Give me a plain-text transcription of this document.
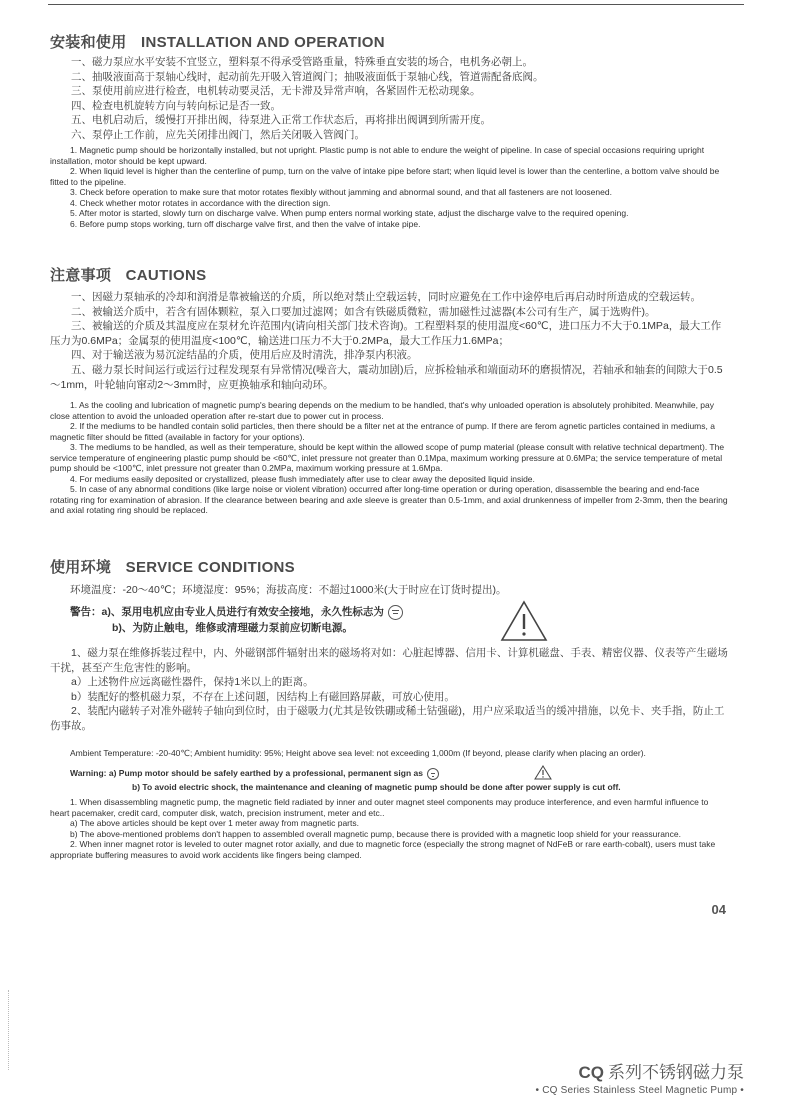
安装和使用 INSTALLATION AND OPERATION

一、磁力泵应水平安装不宜竖立，塑料泵不得承受管路重量，特殊垂直安装的场合，电机务必朝上。

二、抽吸液面高于泵轴心线时，起动前先开吸入管道阀门；抽吸液面低于泵轴心线，管道需配备底阀。

三、泵使用前应进行检查，电机转动要灵活，无卡滞及异常声响，各紧固件无松动现象。

四、检查电机旋转方向与转向标记是否一致。

五、电机启动后，缓慢打开排出阀，待泵进入正常工作状态后，再将排出阀调到所需开度。

六、泵停止工作前，应先关闭排出阀门，然后关闭吸入管阀门。

1. Magnetic pump should be horizontally installed, but not upright. Plastic pump is not able to endure the weight of pipeline. In case of special occasions requiring upright installation, motor should be kept upward.

2. When liquid level is higher than the centerline of pump, turn on the valve of intake pipe before start; when liquid level is lower than the centerline, a bottom valve should be fitted to the pipeline.

3. Check before operation to make sure that motor rotates flexibly without jamming and abnormal sound, and that all fasteners are not loosened.

4. Check whether motor rotates in accordance with the direction sign.

5. After motor is started, slowly turn on discharge valve. When pump enters normal working state, adjust the discharge valve to the required opening.

6. Before pump stops working, turn off discharge valve first, and then the valve of intake pipe.

注意事项 CAUTIONS

一、因磁力泵轴承的冷却和润滑是靠被输送的介质，所以绝对禁止空载运转，同时应避免在工作中途停电后再启动时所造成的空载运转。

二、被输送介质中，若含有固体颗粒，泵入口要加过滤网；如含有铁磁质微粒，需加磁性过滤器(本公司有生产，属于选购件)。

三、被输送的介质及其温度应在泵材允许范围内(请向相关部门技术咨询)。工程塑料泵的使用温度<60℃，进口压力不大于0.1MPa，最大工作压力为0.6MPa；金属泵的使用温度<100℃，输送进口压力不大于0.2MPa，最大工作压力1.6MPa；

四、对于输送液为易沉淀结晶的介质，使用后应及时清洗，排净泵内积液。

五、磁力泵长时间运行或运行过程发现泵有异常情况(噪音大，震动加剧)后，应拆检轴承和端面动环的磨损情况，若轴承和轴套的间隙大于0.5～1mm，叶轮轴向窜动2～3mm时，应更换轴承和轴向动环。

1. As the cooling and lubrication of magnetic pump's bearing depends on the medium to be handled, that's why unloaded operation is absolutely prohibited. Meanwhile, pay close attention to avoid the unloaded operation after re-start due to power cut in process.

2. If the mediums to be handled contain solid particles, then there should be a filter net at the entrance of pump. If there are ferom agnetic particles contained in mediums, a magnetic filter should be fitted (available in factory for your options).

3. The mediums to be handled, as well as their temperature, should be kept within the allowed scope of pump material (please consult with relative technical department). The service temperature of engineering plastic pump should be <60℃, inlet pressure not greater than 0.1Mpa, maximum working pressure at 0.6MPa; the service temperature of metal pump should be <100℃, inlet pressure not greater than 0.2MPa, maximum working pressure at 1.6Mpa.

4. For mediums easily deposited or crystallized, please flush immediately after use to clear away the deposited liquid inside.

5. In case of any abnormal conditions (like large noise or violent vibration) occurred after long-time operation or during operation, disassemble the bearing and end-face rotating ring for examination of abrasion. If the clearance between bearing and axle sleeve is greater than 0.5-1mm, and axial drunkenness of impeller from 2-3mm, then the bearing and axial rotating ring should be replaced.

使用环境 SERVICE CONDITIONS
环境温度：-20～40℃；环境湿度：95%；海拔高度：不超过1000米(大于时应在订货时提出)。
警告：a)、泵用电机应由专业人员进行有效安全接地，永久性标志为
b)、为防止触电，维修或清理磁力泵前应切断电源。

1、磁力泵在维修拆装过程中，内、外磁钢部件辐射出来的磁场将对如：心脏起博器、信用卡、计算机磁盘、手表、精密仪器、仪表等产生磁场干扰，甚至产生危害性的影响。

a）上述物件应远离磁性器件，保持1米以上的距离。

b）装配好的整机磁力泵，不存在上述问题，因结构上有磁回路屏蔽，可放心使用。

2、装配内磁转子对准外磁转子轴向到位时，由于磁吸力(尤其是钕铁硼或稀土钴强磁)，用户应采取适当的缓冲措施，以免卡、夹手指，防止工伤事故。

Ambient Temperature: -20-40℃; Ambient humidity: 95%; Height above sea level: not exceeding 1,000m (If beyond, please clarify when placing an order).
Warning: a) Pump motor should be safely earthed by a professional, permanent sign as
b) To avoid electric shock, the maintenance and cleaning of magnetic pump should be done after power supply is cut off.

1. When disassembling magnetic pump, the magnetic field radiated by inner and outer magnet steel components may produce interference, and even harmful influence to heart pacemaker, credit card, computer disk, watch, precision instrument, meter and etc..

a) The above articles should be kept over 1 meter away from magnetic parts.

b) The above-mentioned problems don't happen to assembled overall magnetic pump, because there is provided with a magnetic loop shield for your reassurance.

2. When inner magnet rotor is leveled to outer magnet rotor axially, and due to magnetic force (especially the strong magnet of NdFeB or rare earth-cobalt), users must take appropriate buffering measures to avoid work accidents like fingers being clamped.

04
CQ 系列不锈钢磁力泵
• CQ Series Stainless Steel Magnetic Pump •
